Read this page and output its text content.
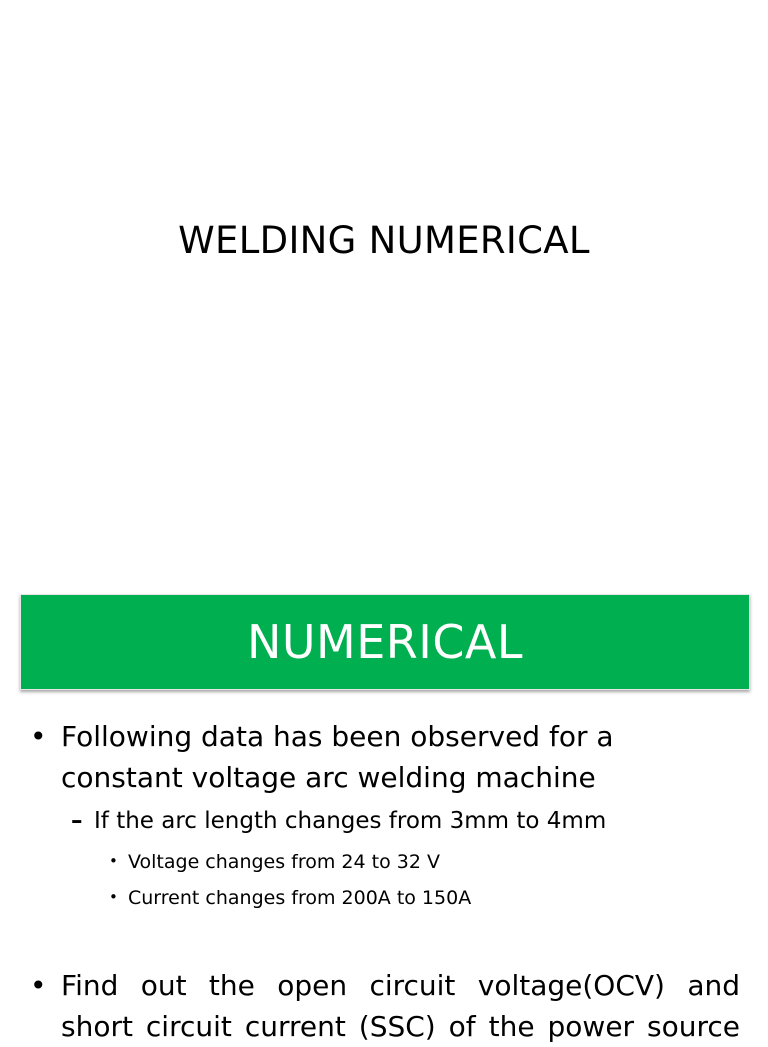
WELDING NUMERICAL
NUMERICAL
• Following data has been observed for a constant voltage arc welding machine
– If the arc length changes from 3mm to 4mm
• Voltage changes from 24 to 32 V
• Current changes from 200A to 150A
• Find out the open circuit voltage(OCV) and short circuit current (SSC) of the power source
